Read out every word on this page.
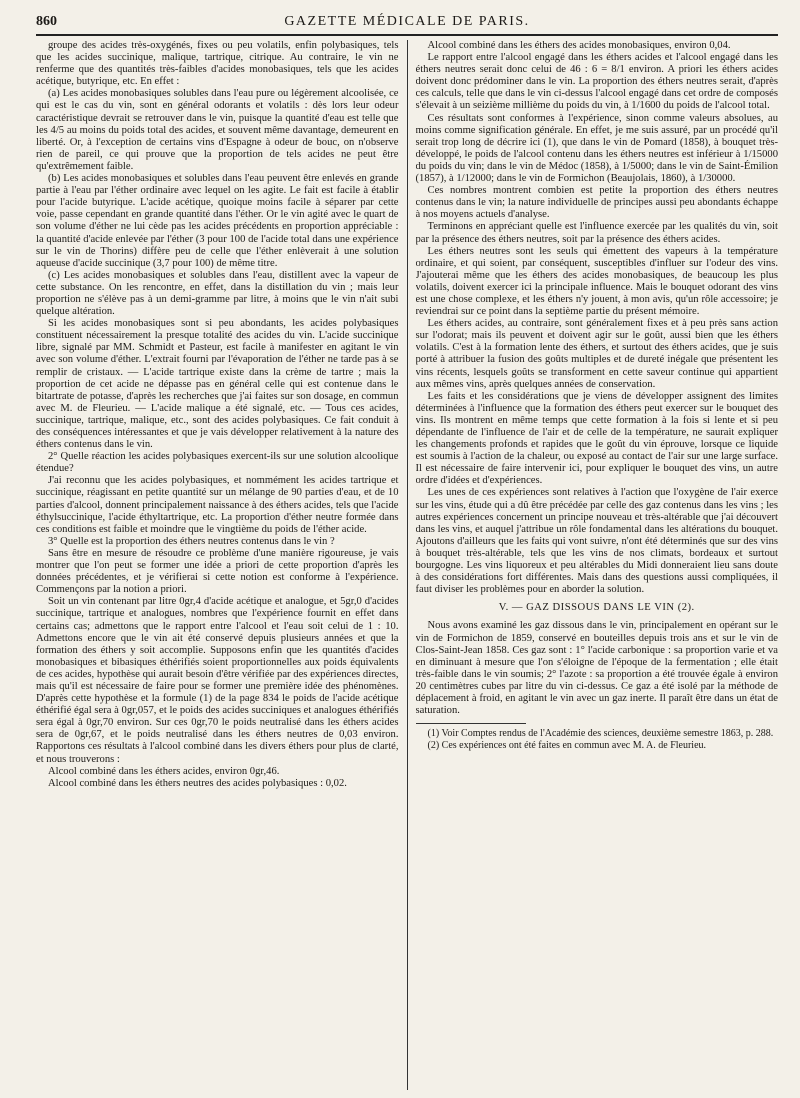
860	GAZETTE MÉDICALE DE PARIS.

groupe des acides très-oxygénés, fixes ou peu volatils, enfin polybasiques, tels que les acides succinique, malique, tartrique, citrique. Au contraire, le vin ne renferme que des quantités très-faibles d'acides monobasiques, tels que les acides acétique, butyrique, etc. En effet :

(a) Les acides monobasiques solubles dans l'eau pure ou légèrement alcoolisée, ce qui est le cas du vin, sont en général odorants et volatils : dès lors leur odeur caractéristique devrait se retrouver dans le vin, puisque la quantité d'eau est telle que les 4/5 au moins du poids total des acides, et souvent même davantage, demeurent en liberté. Or, à l'exception de certains vins d'Espagne à odeur de bouc, on n'observe rien de pareil, ce qui prouve que la proportion de tels acides ne peut être qu'extrêmement faible.

(b) Les acides monobasiques et solubles dans l'eau peuvent être enlevés en grande partie à l'eau par l'éther ordinaire avec lequel on les agite. Le fait est facile à établir pour l'acide butyrique. L'acide acétique, quoique moins facile à séparer par cette voie, passe cependant en grande quantité dans l'éther. Or le vin agité avec le quart de son volume d'éther ne lui cède pas les acides précédents en proportion appréciable : la quantité d'acide enlevée par l'éther (3 pour 100 de l'acide total dans une expérience sur le vin de Thorins) diffère peu de celle que l'éther enlèverait à une solution aqueuse d'acide succinique (3,7 pour 100) de même titre.

(c) Les acides monobasiques et solubles dans l'eau, distillent avec la vapeur de cette substance. On les rencontre, en effet, dans la distillation du vin ; mais leur proportion ne s'élève pas à un demi-gramme par litre, à moins que le vin n'ait subi quelque altération.

Si les acides monobasiques sont si peu abondants, les acides polybasiques constituent nécessairement la presque totalité des acides du vin. L'acide succinique libre, signalé par MM. Schmidt et Pasteur, est facile à manifester en agitant le vin avec son volume d'éther. L'extrait fourni par l'évaporation de l'éther ne tarde pas à se remplir de cristaux. — L'acide tartrique existe dans la crème de tartre ; mais la proportion de cet acide ne dépasse pas en général celle qui est contenue dans le bitartrate de potasse, d'après les recherches que j'ai faites sur son dosage, en commun avec M. de Fleurieu. — L'acide malique a été signalé, etc. — Tous ces acides, succinique, tartrique, malique, etc., sont des acides polybasiques. Ce fait conduit à des conséquences intéressantes et que je vais développer relativement à la nature des éthers contenus dans le vin.

2° Quelle réaction les acides polybasiques exercent-ils sur une solution alcoolique étendue?

J'ai reconnu que les acides polybasiques, et nommément les acides tartrique et succinique, réagissant en petite quantité sur un mélange de 90 parties d'eau, et de 10 parties d'alcool, donnent principalement naissance à des éthers acides, tels que l'acide éthylsuccinique, l'acide éthyltartrique, etc. La proportion d'éther neutre formée dans ces conditions est faible et moindre que le vingtième du poids de l'éther acide.

3° Quelle est la proportion des éthers neutres contenus dans le vin ?

Sans être en mesure de résoudre ce problème d'une manière rigoureuse, je vais montrer que l'on peut se former une idée a priori de cette proportion d'après les données précédentes, et je vérifierai si cette notion est conforme à l'expérience. Commençons par la notion a priori.

Soit un vin contenant par litre 0gr,4 d'acide acétique et analogue, et 5gr,0 d'acides succinique, tartrique et analogues, nombres que l'expérience fournit en effet dans certains cas; admettons que le rapport entre l'alcool et l'eau soit celui de 1 : 10. Admettons encore que le vin ait été conservé depuis plusieurs années et que la formation des éthers y soit accomplie. Supposons enfin que les quantités d'acides monobasiques et bibasiques éthérifiés soient proportionnelles aux poids équivalents de ces acides, hypothèse qui aurait besoin d'être vérifiée par des expériences directes, mais qu'il est nécessaire de faire pour se former une première idée des phénomènes. D'après cette hypothèse et la formule (1) de la page 834 le poids de l'acide acétique éthérifié égal sera à 0gr,057, et le poids des acides succiniques et analogues éthérifiés sera égal à 0gr,70 environ. Sur ces 0gr,70 le poids neutralisé dans les éthers acides sera de 0gr,67, et le poids neutralisé dans les éthers neutres de 0,03 environ. Rapportons ces résultats à l'alcool combiné dans les divers éthers pour plus de clarté, et nous trouverons :

Alcool combiné dans les éthers acides, environ 0gr,46.

Alcool combiné dans les éthers neutres des acides polybasiques : 0,02.

Alcool combiné dans les éthers des acides monobasiques, environ 0,04.

Le rapport entre l'alcool engagé dans les éthers acides et l'alcool engagé dans les éthers neutres serait donc celui de 46 : 6 = 8/1 environ. A priori les éthers acides doivent donc prédominer dans le vin. La proportion des éthers neutres serait, d'après ces calculs, telle que dans le vin ci-dessus l'alcool engagé dans cet ordre de composés s'élevait à un seizième millième du poids du vin, à 1/1600 du poids de l'alcool total.

Ces résultats sont conformes à l'expérience, sinon comme valeurs absolues, au moins comme signification générale. En effet, je me suis assuré, par un procédé qu'il serait trop long de décrire ici (1), que dans le vin de Pomard (1858), à bouquet très-développé, le poids de l'alcool contenu dans les éthers neutres est inférieur à 1/15000 du poids du vin; dans le vin de Médoc (1858), à 1/5000; dans le vin de Saint-Émilion (1857), à 1/12000; dans le vin de Formichon (Beaujolais, 1860), à 1/30000.

Ces nombres montrent combien est petite la proportion des éthers neutres contenus dans le vin; la nature individuelle de principes aussi peu abondants échappe à nos moyens actuels d'analyse.

Terminons en appréciant quelle est l'influence exercée par les qualités du vin, soit par la présence des éthers neutres, soit par la présence des éthers acides.

Les éthers neutres sont les seuls qui émettent des vapeurs à la température ordinaire, et qui soient, par conséquent, susceptibles d'influer sur l'odeur des vins. J'ajouterai même que les éthers des acides monobasiques, de beaucoup les plus volatils, doivent exercer ici la principale influence. Mais le bouquet odorant des vins est une chose complexe, et les éthers n'y jouent, à mon avis, qu'un rôle accessoire; je reviendrai sur ce point dans la septième partie du présent mémoire.

Les éthers acides, au contraire, sont généralement fixes et à peu près sans action sur l'odorat; mais ils peuvent et doivent agir sur le goût, aussi bien que les éthers volatils. C'est à la formation lente des éthers, et surtout des éthers acides, que je suis porté à attribuer la fusion des goûts multiples et de dureté inégale que présentent les vins récents, lesquels goûts se transforment en cette saveur continue qui appartient aux mêmes vins, après quelques années de conservation.

Les faits et les considérations que je viens de développer assignent des limites déterminées à l'influence que la formation des éthers peut exercer sur le bouquet des vins. Ils montrent en même temps que cette formation à la fois si lente et si peu dépendante de l'influence de l'air et de celle de la température, ne saurait expliquer les changements profonds et rapides que le goût du vin éprouve, lorsque ce liquide est soumis à l'action de la chaleur, ou exposé au contact de l'air sur une large surface. Il est nécessaire de faire intervenir ici, pour expliquer le bouquet des vins, un autre ordre d'idées et d'expériences.

Les unes de ces expériences sont relatives à l'action que l'oxygène de l'air exerce sur les vins, étude qui a dû être précédée par celle des gaz contenus dans les vins ; les autres expériences concernent un principe nouveau et très-altérable que j'ai découvert dans les vins, et auquel j'attribue un rôle fondamental dans les altérations du bouquet. Ajoutons d'ailleurs que les faits qui vont suivre, n'ont été déterminés que sur des vins à bouquet très-altérable, tels que les vins de nos climats, bordeaux et surtout bourgogne. Les vins liquoreux et peu altérables du Midi donneraient lieu sans doute à des considérations fort différentes. Mais dans des questions aussi compliquées, il faut diviser les problèmes pour en aborder la solution.

V. — GAZ DISSOUS DANS LE VIN (2).

Nous avons examiné les gaz dissous dans le vin, principalement en opérant sur le vin de Formichon de 1859, conservé en bouteilles depuis trois ans et sur le vin de Clos-Saint-Jean 1858. Ces gaz sont : 1° l'acide carbonique : sa proportion varie et va en diminuant à mesure que l'on s'éloigne de l'époque de la fermentation ; elle était très-faible dans le vin soumis; 2° l'azote : sa proportion a été trouvée égale à environ 20 centimètres cubes par litre du vin ci-dessus. Ce gaz a été isolé par la méthode de déplacement à froid, en agitant le vin avec un gaz inerte. Il paraît être dans un état de saturation.

(1) Voir Comptes rendus de l'Académie des sciences, deuxième semestre 1863, p. 288.

(2) Ces expériences ont été faites en commun avec M. A. de Fleurieu.
